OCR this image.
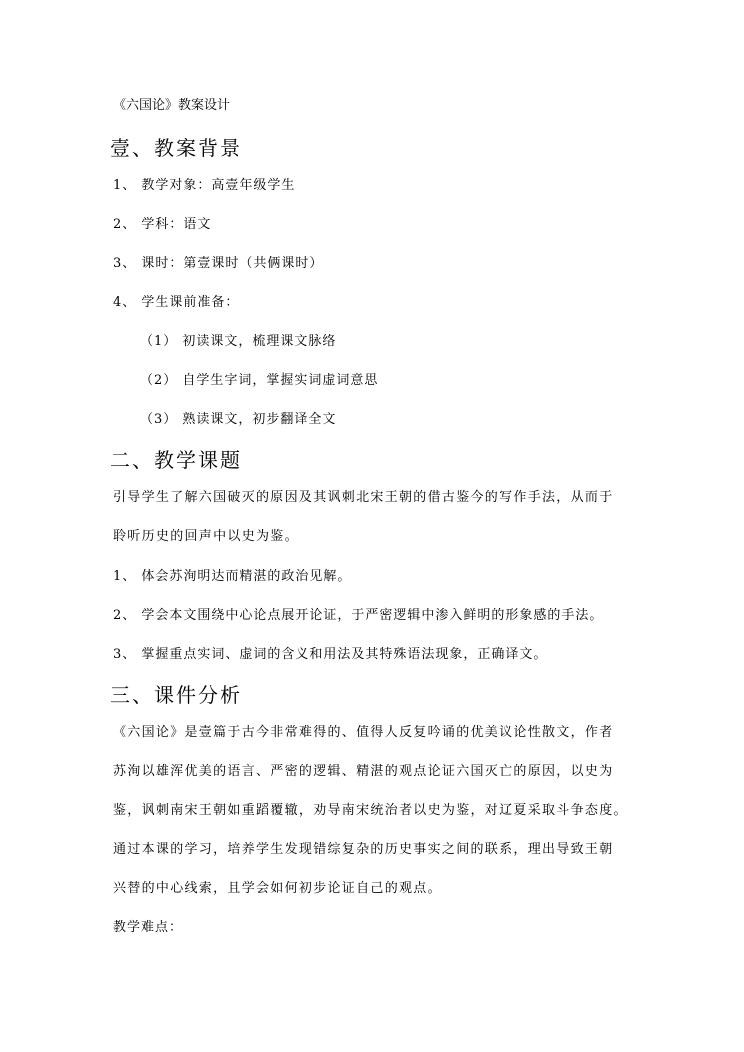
《六国论》教案设计
壹、教案背景
1、 教学对象：高壹年级学生
2、 学科：语文
3、 课时：第壹课时（共俩课时）
4、 学生课前准备：
（1） 初读课文，梳理课文脉络
（2） 自学生字词，掌握实词虚词意思
（3） 熟读课文，初步翻译全文
二、教学课题
引导学生了解六国破灭的原因及其讽刺北宋王朝的借古鉴今的写作手法，从而于
聆听历史的回声中以史为鉴。
1、 体会苏洵明达而精湛的政治见解。
2、 学会本文围绕中心论点展开论证，于严密逻辑中渗入鲜明的形象感的手法。
3、 掌握重点实词、虚词的含义和用法及其特殊语法现象，正确译文。
三、课件分析
《六国论》是壹篇于古今非常难得的、值得人反复吟诵的优美议论性散文，作者
苏洵以雄浑优美的语言、严密的逻辑、精湛的观点论证六国灭亡的原因，以史为
鉴，讽刺南宋王朝如重蹈覆辙，劝导南宋统治者以史为鉴，对辽夏采取斗争态度。
通过本课的学习，培养学生发现错综复杂的历史事实之间的联系，理出导致王朝
兴替的中心线索，且学会如何初步论证自己的观点。
教学难点：
